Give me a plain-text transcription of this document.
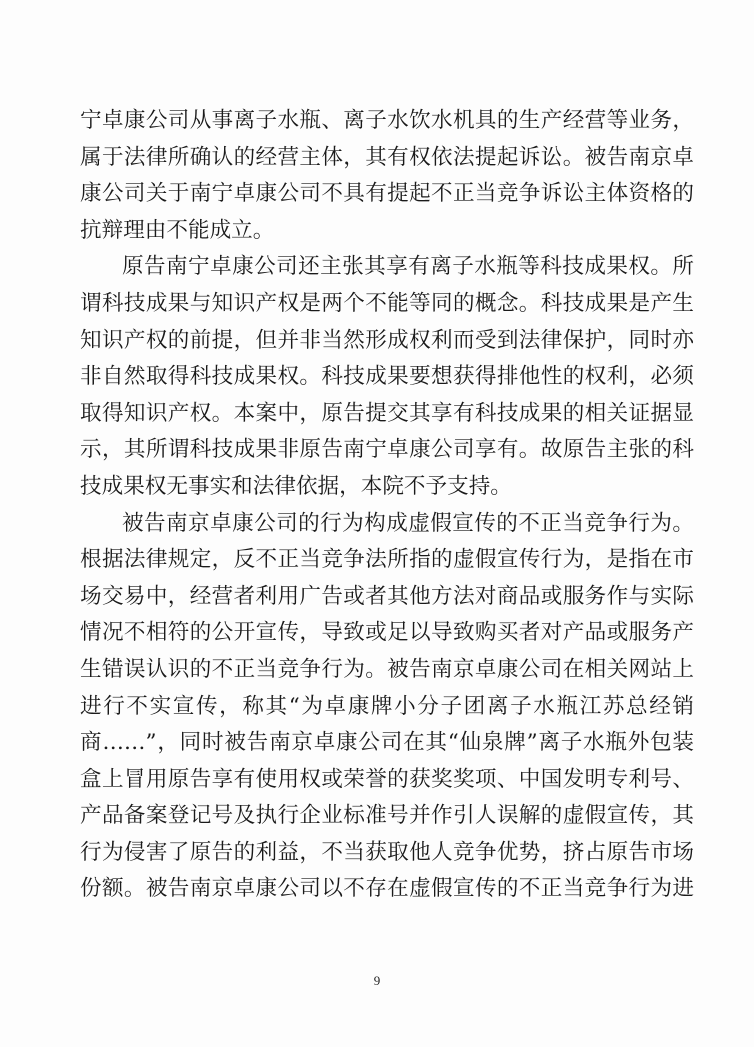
宁卓康公司从事离子水瓶、离子水饮水机具的生产经营等业务，
属于法律所确认的经营主体，其有权依法提起诉讼。被告南京卓
康公司关于南宁卓康公司不具有提起不正当竞争诉讼主体资格的
抗辩理由不能成立。
原告南宁卓康公司还主张其享有离子水瓶等科技成果权。所
谓科技成果与知识产权是两个不能等同的概念。科技成果是产生
知识产权的前提，但并非当然形成权利而受到法律保护，同时亦
非自然取得科技成果权。科技成果要想获得排他性的权利，必须
取得知识产权。本案中，原告提交其享有科技成果的相关证据显
示，其所谓科技成果非原告南宁卓康公司享有。故原告主张的科
技成果权无事实和法律依据，本院不予支持。
被告南京卓康公司的行为构成虚假宣传的不正当竞争行为。
根据法律规定，反不正当竞争法所指的虚假宣传行为，是指在市
场交易中，经营者利用广告或者其他方法对商品或服务作与实际
情况不相符的公开宣传，导致或足以导致购买者对产品或服务产
生错误认识的不正当竞争行为。被告南京卓康公司在相关网站上
进行不实宣传，称其“为卓康牌小分子团离子水瓶江苏总经销
商……”，同时被告南京卓康公司在其“仙泉牌”离子水瓶外包装
盒上冒用原告享有使用权或荣誉的获奖奖项、中国发明专利号、
产品备案登记号及执行企业标准号并作引人误解的虚假宣传，其
行为侵害了原告的利益，不当获取他人竞争优势，挤占原告市场
份额。被告南京卓康公司以不存在虚假宣传的不正当竞争行为进
9
